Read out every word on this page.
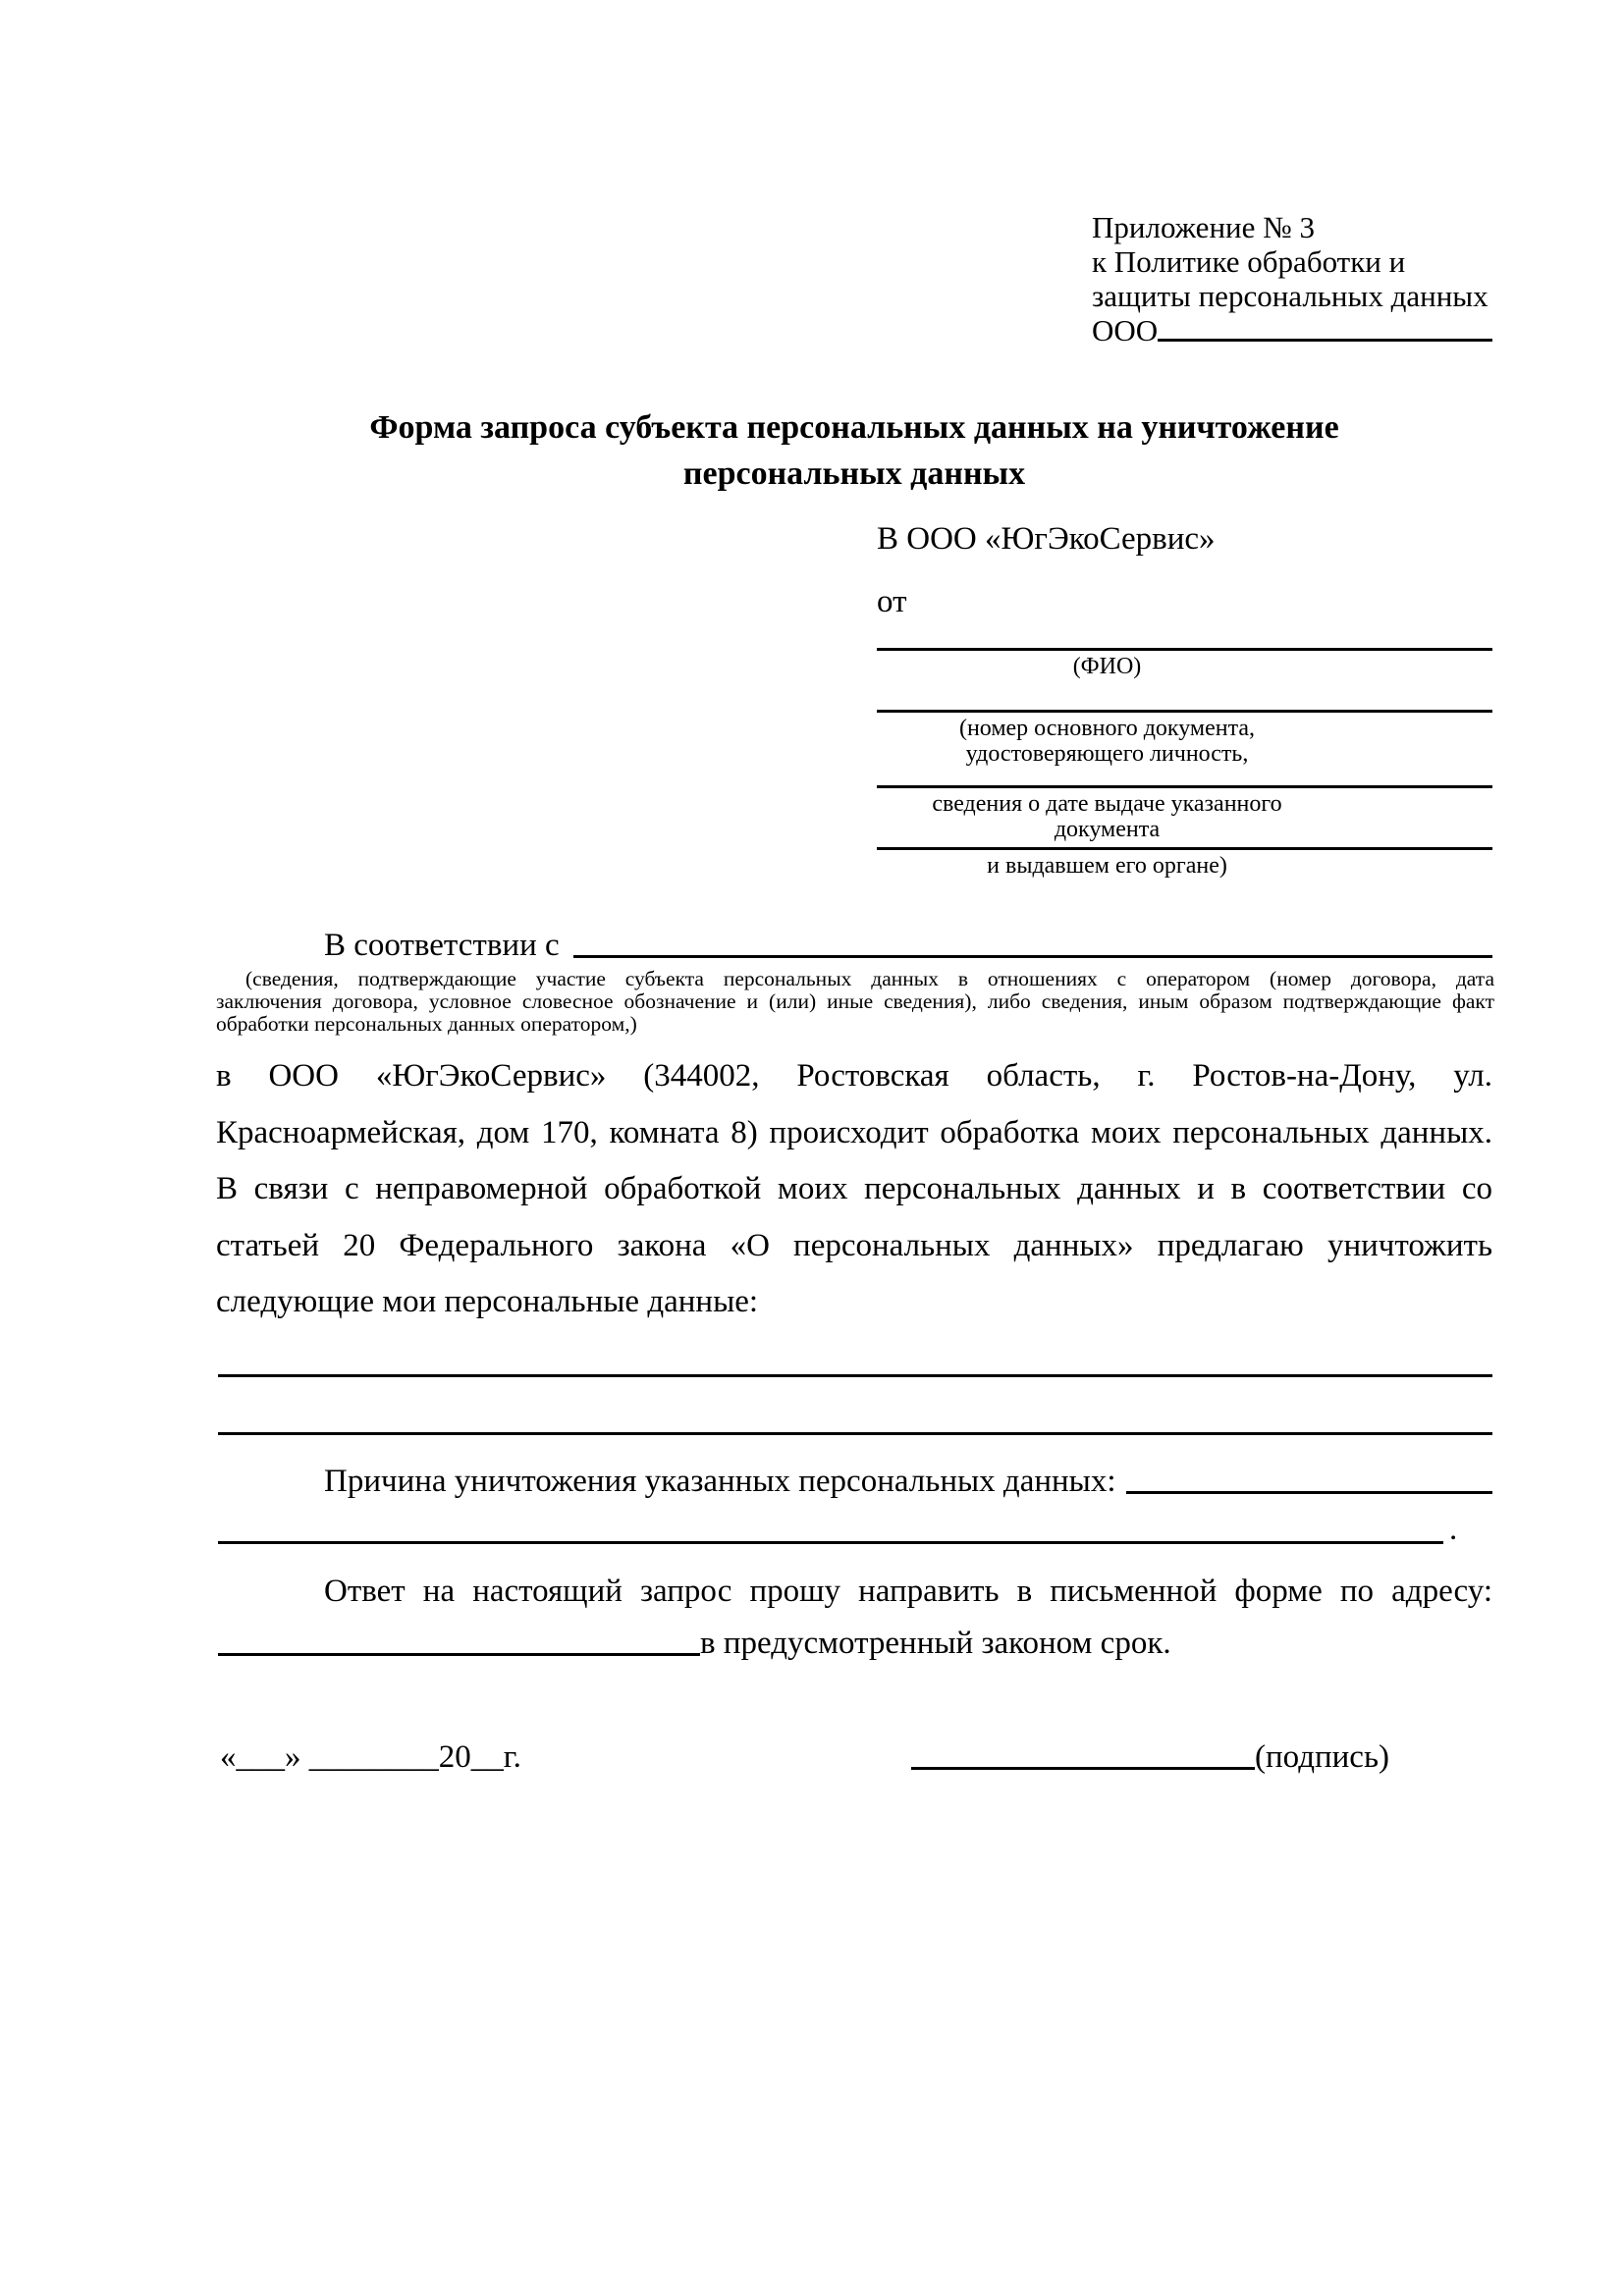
Приложение № 3
к Политике обработки и
защиты персональных данных
ООО
Форма запроса субъекта персональных данных на уничтожение
персональных данных
В ООО «ЮгЭкоСервис»
от
(ФИО)
(номер основного документа, удостоверяющего личность,
сведения о дате выдаче указанного документа
и выдавшем его органе)
В соответствии с
(сведения, подтверждающие участие субъекта персональных данных в отношениях с оператором (номер договора, дата
заключения договора, условное словесное обозначение и (или) иные сведения), либо сведения, иным образом подтверждающие факт
обработки персональных данных оператором,)
в ООО «ЮгЭкоСервис» (344002, Ростовская область, г. Ростов-на-Дону, ул.
Красноармейская, дом 170, комната 8) происходит обработка моих персональных данных.
В связи с неправомерной обработкой моих персональных данных и в соответствии со
статьей 20 Федерального закона «О персональных данных» предлагаю уничтожить
следующие мои персональные данные:
Причина уничтожения указанных персональных данных:
.
Ответ на настоящий запрос прошу направить в письменной форме по адресу:
в предусмотренный законом срок.
«___» ________20__г.	(подпись)
